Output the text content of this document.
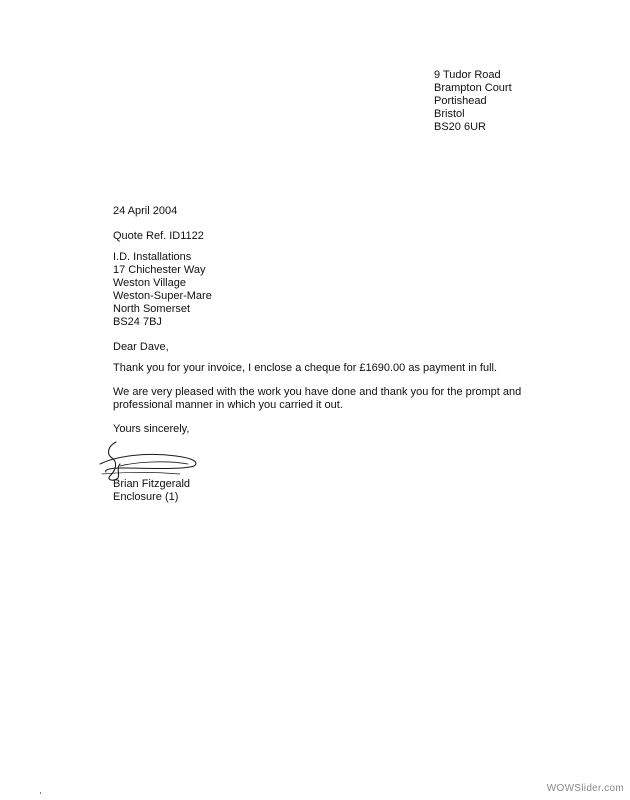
9 Tudor Road
Brampton Court
Portishead
Bristol
BS20 6UR
24 April 2004
Quote Ref. ID1122
I.D. Installations
17 Chichester Way
Weston Village
Weston-Super-Mare
North Somerset
BS24 7BJ
Dear Dave,
Thank you for your invoice, I enclose a cheque for £1690.00 as payment in full.
We are very pleased with the work you have done and thank you for the prompt and professional manner in which you carried it out.
Yours sincerely,
Brian Fitzgerald
Enclosure (1)
WOWSlider.com
